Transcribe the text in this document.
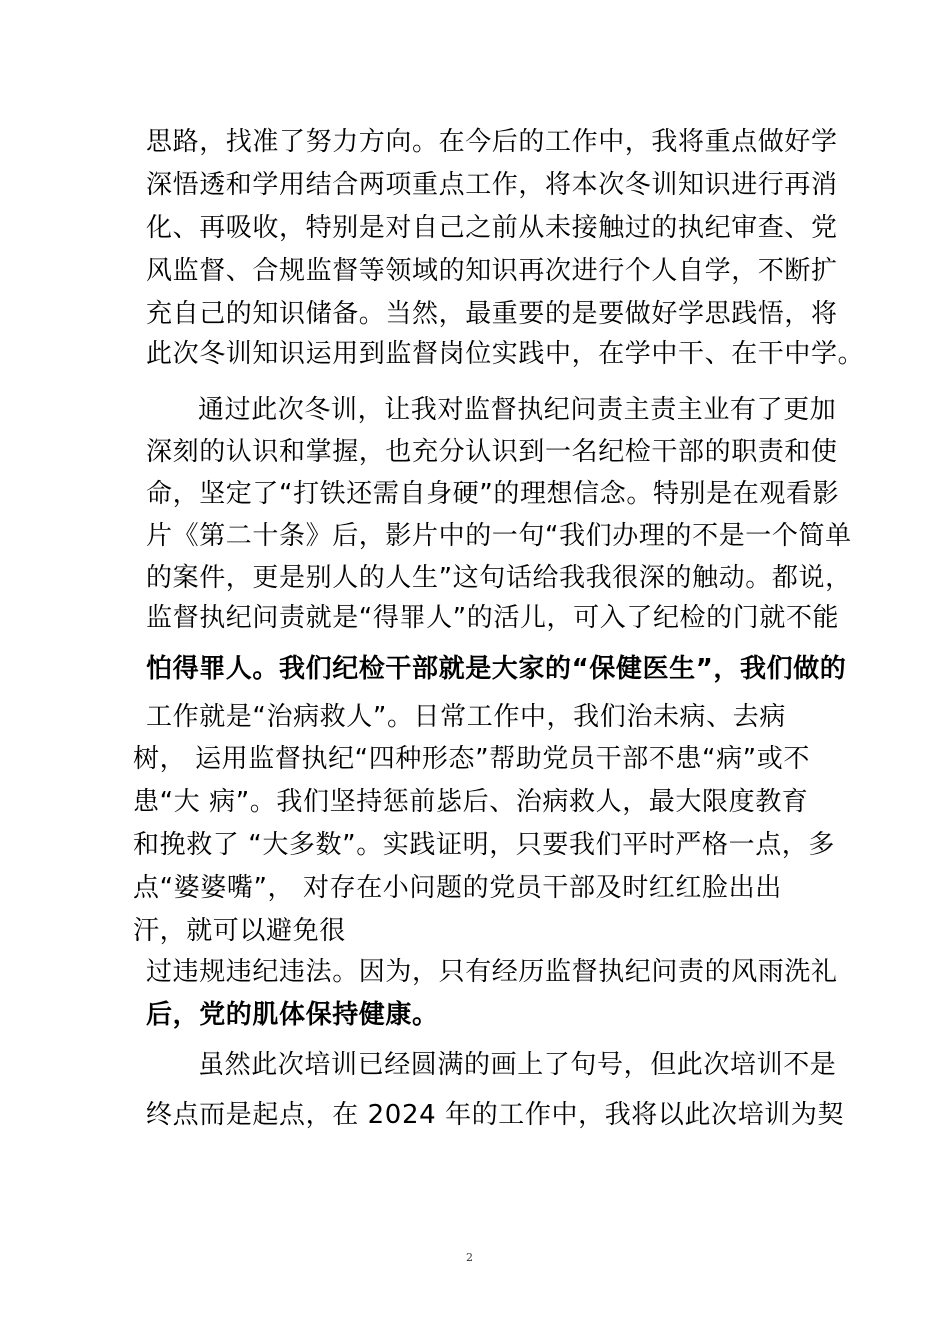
思路，找准了努力方向。在今后的工作中，我将重点做好学
深悟透和学用结合两项重点工作，将本次冬训知识进行再消
化、再吸收，特别是对自己之前从未接触过的执纪审查、党
风监督、合规监督等领域的知识再次进行个人自学，不断扩
充自己的知识储备。当然，最重要的是要做好学思践悟，将
此次冬训知识运用到监督岗位实践中，在学中干、在干中学。
通过此次冬训，让我对监督执纪问责主责主业有了更加
深刻的认识和掌握，也充分认识到一名纪检干部的职责和使
命，坚定了“打铁还需自身硬”的理想信念。特别是在观看影
片《第二十条》后，影片中的一句“我们办理的不是一个简单
的案件，更是别人的人生”这句话给我我很深的触动。都说，
监督执纪问责就是“得罪人”的活儿，可入了纪检的门就不能
怕得罪人。我们纪检干部就是大家的“保健医生”，我们做的
工作就是“治病救人”。日常工作中，我们治未病、去病
树， 运用监督执纪“四种形态”帮助党员干部不患“病”或不
患“大 病”。我们坚持惩前毖后、治病救人，最大限度教育
和挽救了 “大多数”。实践证明，只要我们平时严格一点，多
点“婆婆嘴”， 对存在小问题的党员干部及时红红脸出出
汗，就可以避免很
过违规违纪违法。因为，只有经历监督执纪问责的风雨洗礼
后，党的肌体保持健康。
虽然此次培训已经圆满的画上了句号，但此次培训不是
终点而是起点，在 2024 年的工作中，我将以此次培训为契
2
